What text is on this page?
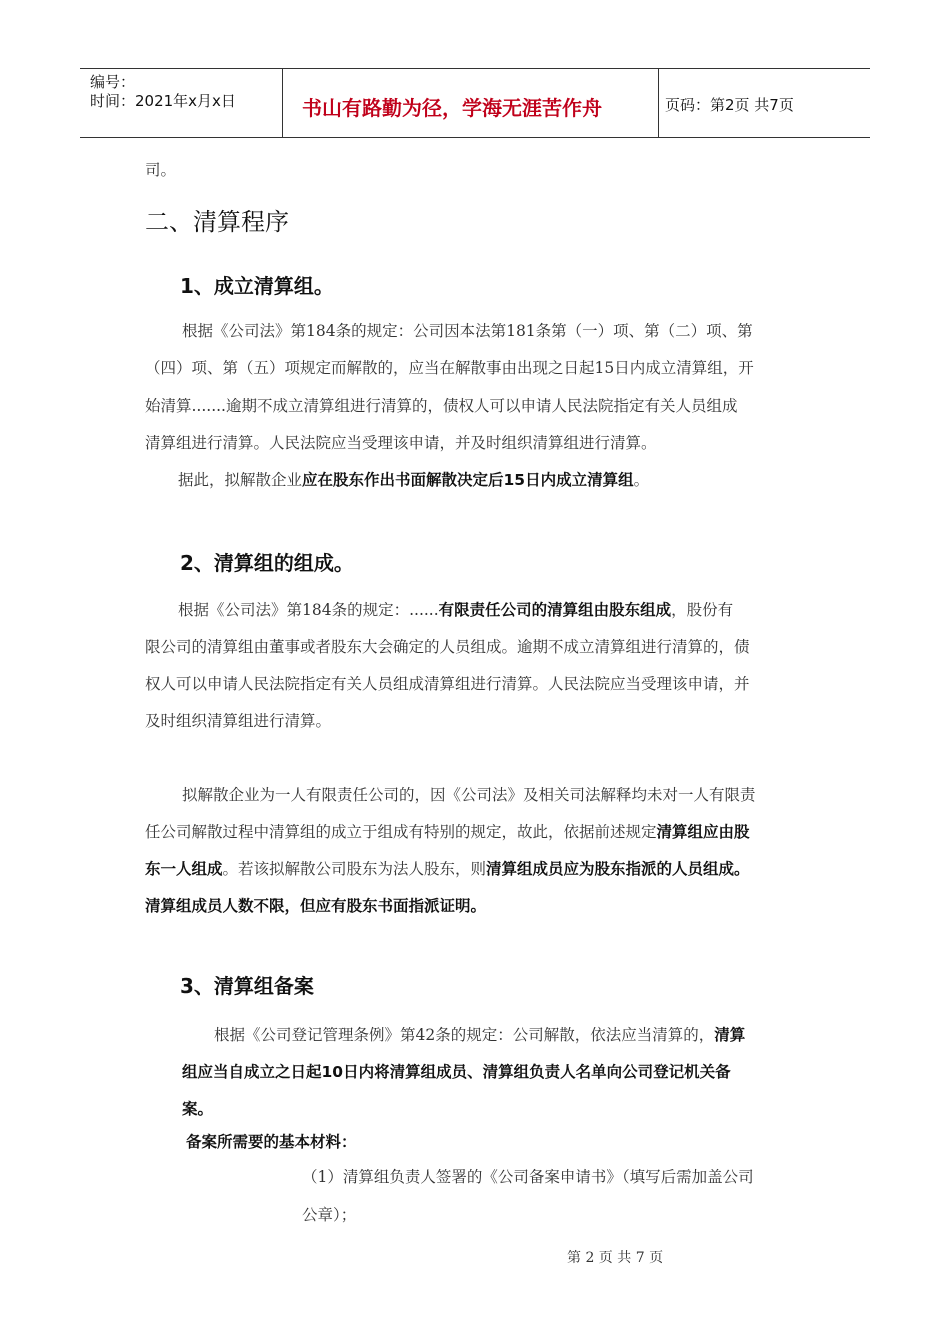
编号：
时间：2021年x月x日	书山有路勤为径，学海无涯苦作舟	页码：第2页 共7页
司。
二、清算程序
1、成立清算组。
根据《公司法》第184条的规定：公司因本法第181条第（一）项、第（二）项、第
（四）项、第（五）项规定而解散的，应当在解散事由出现之日起15日内成立清算组，开
始清算.......逾期不成立清算组进行清算的，债权人可以申请人民法院指定有关人员组成
清算组进行清算。人民法院应当受理该申请，并及时组织清算组进行清算。
据此，拟解散企业应在股东作出书面解散决定后15日内成立清算组。
2、清算组的组成。
根据《公司法》第184条的规定：......有限责任公司的清算组由股东组成，股份有
限公司的清算组由董事或者股东大会确定的人员组成。逾期不成立清算组进行清算的，债
权人可以申请人民法院指定有关人员组成清算组进行清算。人民法院应当受理该申请，并
及时组织清算组进行清算。
拟解散企业为一人有限责任公司的，因《公司法》及相关司法解释均未对一人有限责
任公司解散过程中清算组的成立于组成有特别的规定，故此，依据前述规定清算组应由股
东一人组成。若该拟解散公司股东为法人股东，则清算组成员应为股东指派的人员组成。
清算组成员人数不限，但应有股东书面指派证明。
3、清算组备案
根据《公司登记管理条例》第42条的规定：公司解散，依法应当清算的，清算
组应当自成立之日起10日内将清算组成员、清算组负责人名单向公司登记机关备
案。
备案所需要的基本材料：
（1）清算组负责人签署的《公司备案申请书》（填写后需加盖公司
公章）；
第 2 页 共 7 页
